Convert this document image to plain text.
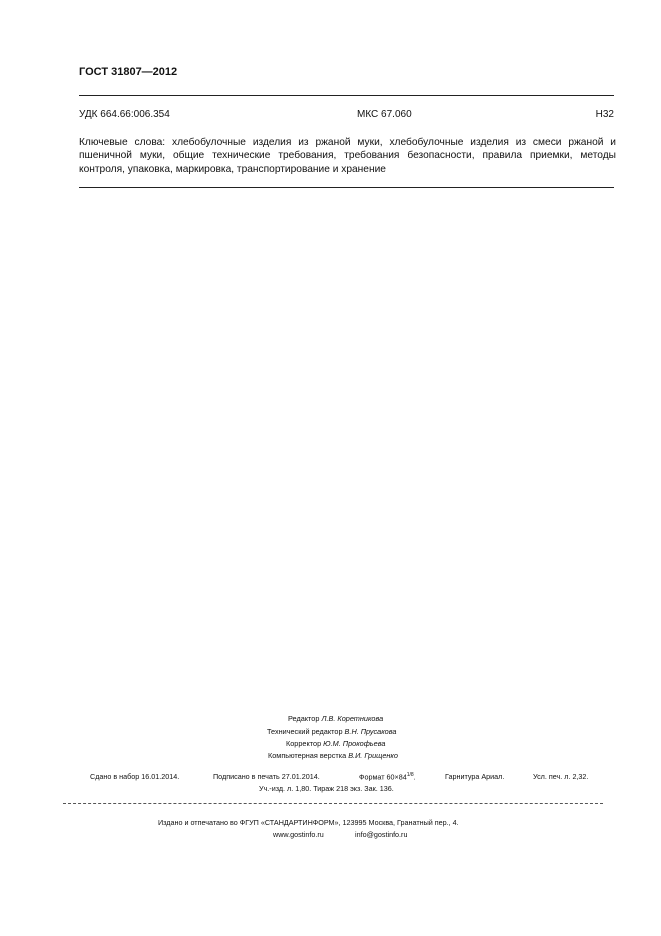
ГОСТ 31807—2012
УДК 664.66:006.354	МКС 67.060	Н32
Ключевые слова: хлебобулочные изделия из ржаной муки, хлебобулочные изделия из смеси ржаной и
пшеничной муки, общие технические требования, требования безопасности, правила приемки, методы
контроля, упаковка, маркировка, транспортирование и хранение
Редактор Л.В. Коретникова
Технический редактор В.Н. Прусакова
Корректор Ю.М. Прокофьева
Компьютерная верстка В.И. Грищенко
Сдано в набор 16.01.2014.	Подписано в печать 27.01.2014.	Формат $60\times 84^{1/8}$.	Гарнитура Ариал.	Усл. печ. л. 2,32.
Уч.-изд. л. 1,80. Тираж 218 экз. Зак. 136.
Издано и отпечатано во ФГУП «СТАНДАРТИНФОРМ», 123995 Москва, Гранатный пер., 4.
www.gostinfo.ru	info@gostinfo.ru
